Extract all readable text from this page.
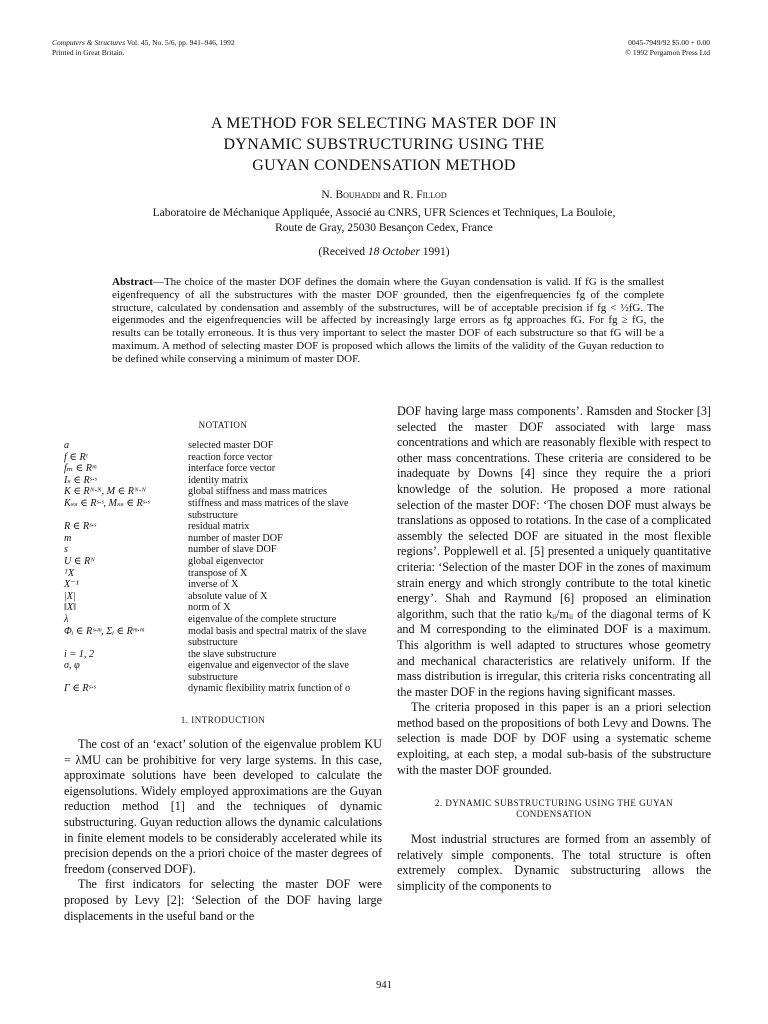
Computers & Structures Vol. 45, No. 5/6, pp. 941–946, 1992
Printed in Great Britain.
0045-7949/92 $5.00 + 0.00
© 1992 Pergamon Press Ltd
A METHOD FOR SELECTING MASTER DOF IN
DYNAMIC SUBSTRUCTURING USING THE
GUYAN CONDENSATION METHOD
N. Bouhaddi and R. Fillod
Laboratoire de Méchanique Appliquée, Associé au CNRS, UFR Sciences et Techniques, La Bouloie,
Route de Gray, 25030 Besançon Cedex, France
(Received 18 October 1991)
Abstract—The choice of the master DOF defines the domain where the Guyan condensation is valid. If fG is the smallest eigenfrequency of all the substructures with the master DOF grounded, then the eigenfrequencies fg of the complete structure, calculated by condensation and assembly of the substructures, will be of acceptable precision if fg < ½fG. The eigenmodes and the eigenfrequencies will be affected by increasingly large errors as fg approaches fG. For fg ≥ fG, the results can be totally erroneous. It is thus very important to select the master DOF of each substructure so that fG will be a maximum. A method of selecting master DOF is proposed which allows the limits of the validity of the Guyan reduction to be defined while conserving a minimum of master DOF.
NOTATION
a	selected master DOF
f ∈ Rᵗ	reaction force vector
fₘ ∈ Rᵐ	interface force vector
Iₛ ∈ Rˢ·ˢ	identity matrix
K ∈ Rᴺ·ᴺ, M ∈ Rᴺ·ᴺ	global stiffness and mass matrices
Kₛₛ ∈ Rˢ·ˢ, Mₛₛ ∈ Rˢ·ˢ	stiffness and mass matrices of the slave substructure
R ∈ Rˢ·ˢ	residual matrix
m	number of master DOF
s	number of slave DOF
U ∈ Rᴺ	global eigenvector
ᵀX	transpose of X
X⁻¹	inverse of X
|X|	absolute value of X
‖X‖	norm of X
λ	eigenvalue of the complete structure
Φᵢ ∈ Rˢ·ᵐ, Σᵢ ∈ Rᵐ·ᵐ	modal basis and spectral matrix of the slave substructure
i = 1, 2	the slave substructure
σ, φ	eigenvalue and eigenvector of the slave substructure
Γ ∈ Rˢ·ˢ	dynamic flexibility matrix function of σ
1. INTRODUCTION

The cost of an ‘exact’ solution of the eigenvalue problem KU = λMU can be prohibitive for very large systems. In this case, approximate solutions have been developed to calculate the eigensolutions. Widely employed approximations are the Guyan reduction method [1] and the techniques of dynamic substructuring. Guyan reduction allows the dynamic calculations in finite element models to be considerably accelerated while its precision depends on the a priori choice of the master degrees of freedom (conserved DOF).

The first indicators for selecting the master DOF were proposed by Levy [2]: ‘Selection of the DOF having large displacements in the useful band or the

DOF having large mass components’. Ramsden and Stocker [3] selected the master DOF associated with large mass concentrations and which are reasonably flexible with respect to other mass concentrations. These criteria are considered to be inadequate by Downs [4] since they require the a priori knowledge of the solution. He proposed a more rational selection of the master DOF: ‘The chosen DOF must always be translations as opposed to rotations. In the case of a complicated assembly the selected DOF are situated in the most flexible regions’. Popplewell et al. [5] presented a uniquely quantitative criteria: ‘Selection of the master DOF in the zones of maximum strain energy and which strongly contribute to the total kinetic energy’. Shah and Raymund [6] proposed an elimination algorithm, such that the ratio kᵢᵢ/mᵢᵢ of the diagonal terms of K and M corresponding to the eliminated DOF is a maximum. This algorithm is well adapted to structures whose geometry and mechanical characteristics are relatively uniform. If the mass distribution is irregular, this criteria risks concentrating all the master DOF in the regions having significant masses.

The criteria proposed in this paper is an a priori selection method based on the propositions of both Levy and Downs. The selection is made DOF by DOF using a systematic scheme exploiting, at each step, a modal sub-basis of the substructure with the master DOF grounded.

2. DYNAMIC SUBSTRUCTURING USING THE GUYAN
CONDENSATION

Most industrial structures are formed from an assembly of relatively simple components. The total structure is often extremely complex. Dynamic substructuring allows the simplicity of the components to

941
